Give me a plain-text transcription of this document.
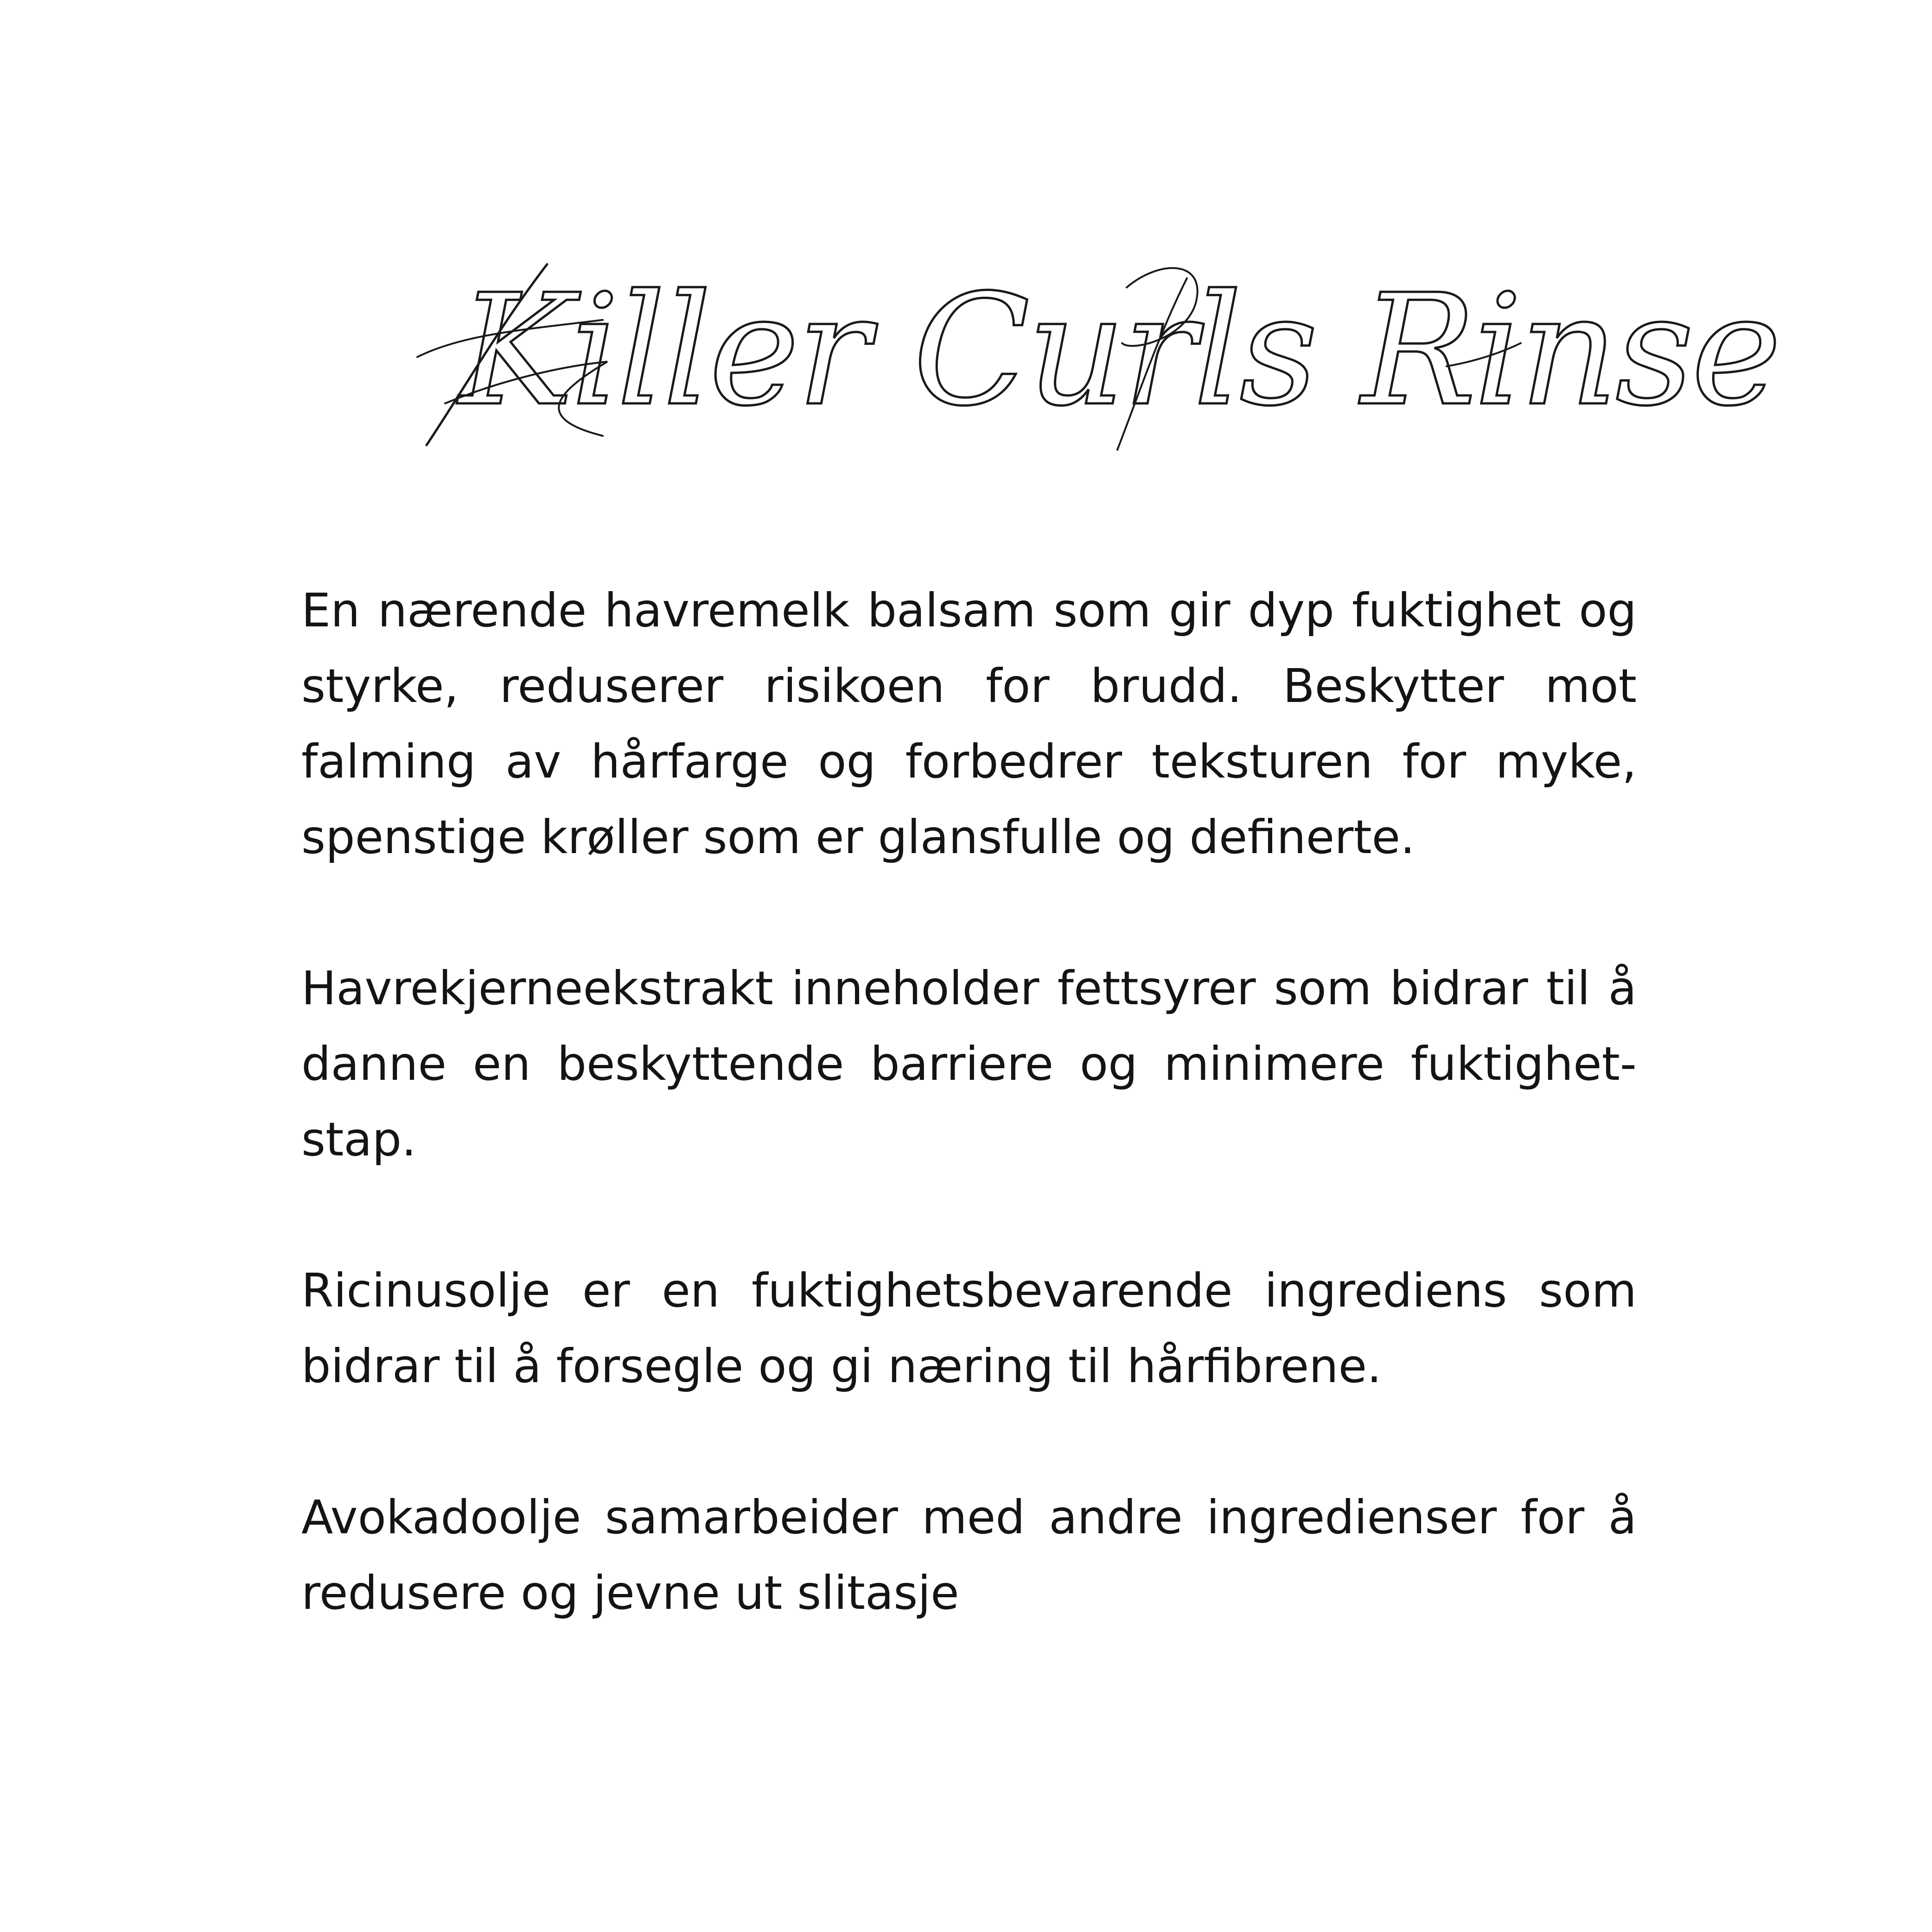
Killer Curls Rinse

En nærende havremelk balsam som gir dyp fuktighet og styrke, reduserer risikoen for brudd. Beskytter mot falming av hårfarge og forbedrer teksturen for myke, spenstige krøller som er glansfulle og definerte.

Havrekjerneekstrakt inneholder fettsyrer som bidrar til å danne en beskyttende barriere og minimere fuktighet-stap.

Ricinusolje er en fuktighetsbevarende ingrediens som bidrar til å forsegle og gi næring til hårfibrene.

Avokadoolje samarbeider med andre ingredienser for å redusere og jevne ut slitasje
